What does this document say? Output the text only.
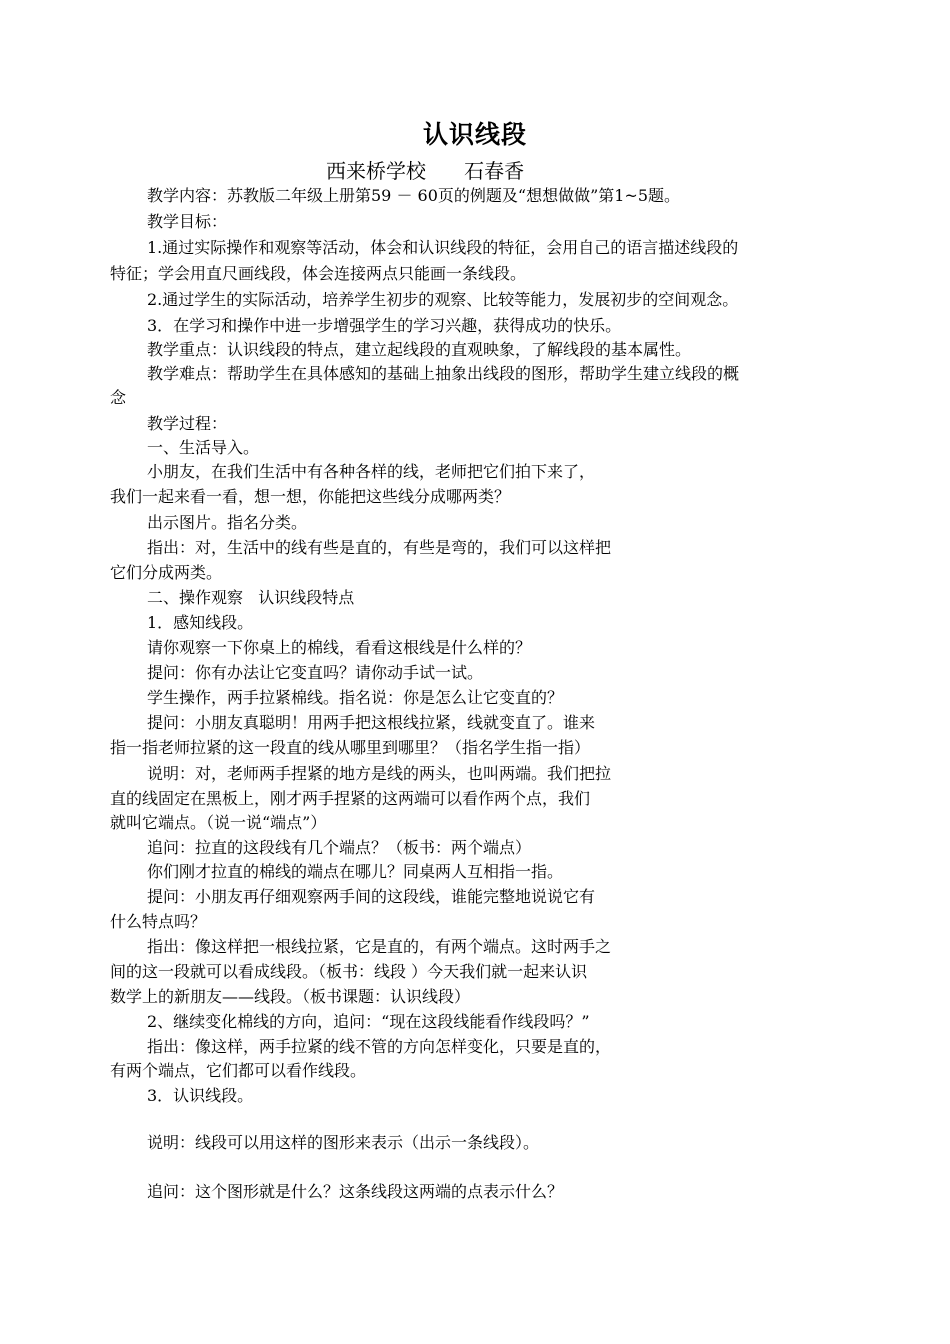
认识线段
西来桥学校      石春香
教学内容：苏教版二年级上册第59 － 60页的例题及“想想做做”第1~5题。
教学目标：
1.通过实际操作和观察等活动，体会和认识线段的特征，会用自己的语言描述线段的
特征；学会用直尺画线段，体会连接两点只能画一条线段。
2.通过学生的实际活动，培养学生初步的观察、比较等能力，发展初步的空间观念。
3．在学习和操作中进一步增强学生的学习兴趣，获得成功的快乐。
教学重点：认识线段的特点，建立起线段的直观映象，了解线段的基本属性。
教学难点：帮助学生在具体感知的基础上抽象出线段的图形，帮助学生建立线段的概
念
教学过程：
一、生活导入。
小朋友，在我们生活中有各种各样的线，老师把它们拍下来了，
我们一起来看一看，想一想，你能把这些线分成哪两类？
出示图片。指名分类。
指出：对，生活中的线有些是直的，有些是弯的，我们可以这样把
它们分成两类。
二、操作观察   认识线段特点
1．感知线段。
请你观察一下你桌上的棉线，看看这根线是什么样的？
提问：你有办法让它变直吗？请你动手试一试。
学生操作，两手拉紧棉线。指名说：你是怎么让它变直的？
提问：小朋友真聪明！用两手把这根线拉紧，线就变直了。谁来
指一指老师拉紧的这一段直的线从哪里到哪里？（指名学生指一指）
说明：对，老师两手捏紧的地方是线的两头，也叫两端。我们把拉
直的线固定在黑板上，刚才两手捏紧的这两端可以看作两个点，我们
就叫它端点。（说一说“端点”）
追问：拉直的这段线有几个端点？（板书：两个端点）
你们刚才拉直的棉线的端点在哪儿？同桌两人互相指一指。
提问：小朋友再仔细观察两手间的这段线，谁能完整地说说它有
什么特点吗？
指出：像这样把一根线拉紧，它是直的，有两个端点。这时两手之
间的这一段就可以看成线段。（板书：线段 ）今天我们就一起来认识
数学上的新朋友——线段。（板书课题：认识线段）
2、继续变化棉线的方向，追问：“现在这段线能看作线段吗？”
指出：像这样，两手拉紧的线不管的方向怎样变化，只要是直的，
有两个端点，它们都可以看作线段。
3．认识线段。
说明：线段可以用这样的图形来表示（出示一条线段）。
追问：这个图形就是什么？这条线段这两端的点表示什么？
